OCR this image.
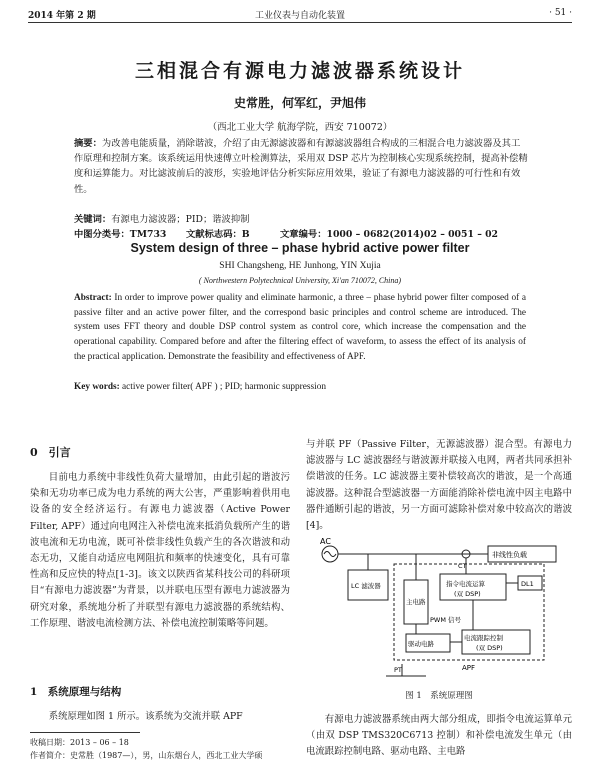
2014 年第 2 期	工业仪表与自动化装置	· 51 ·
三相混合有源电力滤波器系统设计
史常胜，何军红，尹旭伟
（西北工业大学 航海学院，西安 710072）
摘要：为改善电能质量，消除谐波，介绍了由无源滤波器和有源滤波器组合构成的三相混合电力滤波器及其工作原理和控制方案。该系统运用快速傅立叶检测算法，采用双 DSP 芯片为控制核心实现系统控制，提高补偿精度和运算能力。对比滤波前后的波形，实验地评估分析实际应用效果，验证了有源电力滤波器的可行性和有效性。
关键词：有源电力滤波器；PID；谐波抑制
中图分类号：TM733 文献标志码：B	文章编号：1000 – 0682(2014)02 – 0051 – 02
System design of three – phase hybrid active power filter
SHI Changsheng, HE Junhong, YIN Xujia
( Northwestern Polytechnical University, Xi'an 710072, China)
Abstract: In order to improve power quality and eliminate harmonic, a three – phase hybrid power filter composed of a passive filter and an active power filter, and the correspond basic principles and control scheme are introduced. The system uses FFT theory and double DSP control system as control core, which increase the compensation and the operational capability. Compared before and after the filtering effect of waveform, to assess the effect of its analysis of the practical application. Demonstrate the feasibility and effectiveness of APF.
Key words: active power filter( APF ) ; PID; harmonic suppression
0　引言

目前电力系统中非线性负荷大量增加，由此引起的谐波污染和无功功率已成为电力系统的两大公害，严重影响着供用电设备的安全经济运行。有源电力滤波器（Active Power Filter, APF）通过向电网注入补偿电流来抵消负载所产生的谐波电流和无功电流，既可补偿非线性负载产生的各次谐波和动态无功，又能自动适应电网阻抗和频率的快速变化，具有可靠性高和反应快的特点[1-3]。该文以陕西省某科技公司的科研项目“有源电力滤波器”为背景，以并联电压型有源电力滤波器为研究对象，系统地分析了并联型有源电力滤波器的系统结构、工作原理、谐波电流检测方法、补偿电流控制策略等问题。

1　系统原理与结构
系统原理如图 1 所示。该系统为交流并联 APF
收稿日期：2013 – 06 – 18
作者简介：史常胜（1987—），男，山东烟台人，西北工业大学硕

与并联 PF（Passive Filter，无源滤波器）混合型。有源电力滤波器与 LC 滤波器经与谐波源并联接入电网，两者共同承担补偿谐波的任务。LC 滤波器主要补偿较高次的谐波，是一个高通滤波器。这种混合型滤波器一方面能消除补偿电流中因主电路中器件通断引起的谐波，另一方面可滤除补偿对象中较高次的谐波[4]。

AC
非线性负载
LC 滤波器
主电路
指令电流运算
(双 DSP)
电流跟踪控制
(双 DSP)
驱动电路
PWM 信号
DL1
CT
PT	APF
图 1　系统原理图

有源电力滤波器系统由两大部分组成，即指令电流运算单元（由双 DSP TMS320C6713 控制）和补偿电流发生单元（由电流跟踪控制电路、驱动电路、主电路
